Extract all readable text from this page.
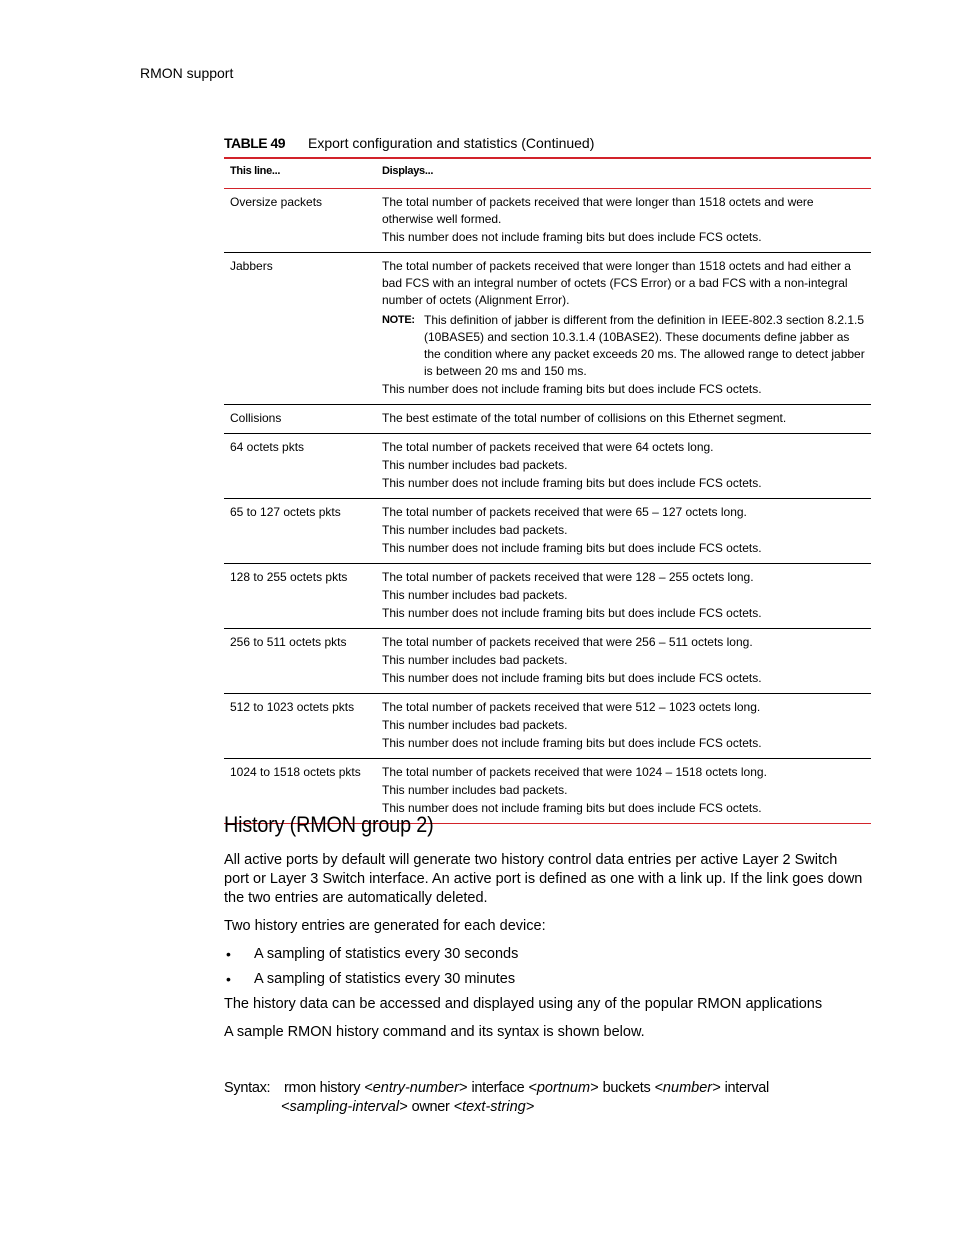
RMON support
TABLE 49 Export configuration and statistics (Continued)
This line...	Displays...
Oversize packets	The total number of packets received that were longer than 1518 octets and were otherwise well formed.

This number does not include framing bits but does include FCS octets.

Jabbers	The total number of packets received that were longer than 1518 octets and had either a bad FCS with an integral number of octets (FCS Error) or a bad FCS with a non-integral number of octets (Alignment Error).

NOTE: This definition of jabber is different from the definition in IEEE-802.3 section 8.2.1.5 (10BASE5) and section 10.3.1.4 (10BASE2). These documents define jabber as the condition where any packet exceeds 20 ms. The allowed range to detect jabber is between 20 ms and 150 ms.

This number does not include framing bits but does include FCS octets.

Collisions	The best estimate of the total number of collisions on this Ethernet segment.

64 octets pkts	The total number of packets received that were 64 octets long.

This number includes bad packets.

This number does not include framing bits but does include FCS octets.

65 to 127 octets pkts	The total number of packets received that were 65 – 127 octets long.

This number includes bad packets.

This number does not include framing bits but does include FCS octets.

128 to 255 octets pkts	The total number of packets received that were 128 – 255 octets long.

This number includes bad packets.

This number does not include framing bits but does include FCS octets.

256 to 511 octets pkts	The total number of packets received that were 256 – 511 octets long.

This number includes bad packets.

This number does not include framing bits but does include FCS octets.

512 to 1023 octets pkts	The total number of packets received that were 512 – 1023 octets long.

This number includes bad packets.

This number does not include framing bits but does include FCS octets.

1024 to 1518 octets pkts	The total number of packets received that were 1024 – 1518 octets long.

This number includes bad packets.

This number does not include framing bits but does include FCS octets.

History (RMON group 2)

All active ports by default will generate two history control data entries per active Layer 2 Switch port or Layer 3 Switch interface. An active port is defined as one with a link up. If the link goes down the two entries are automatically deleted.

Two history entries are generated for each device:

•	A sampling of statistics every 30 seconds
•	A sampling of statistics every 30 minutes

The history data can be accessed and displayed using any of the popular RMON applications

A sample RMON history command and its syntax is shown below.

Syntax: rmon history <entry-number> interface <portnum> buckets <number> interval
<sampling-interval> owner <text-string>
